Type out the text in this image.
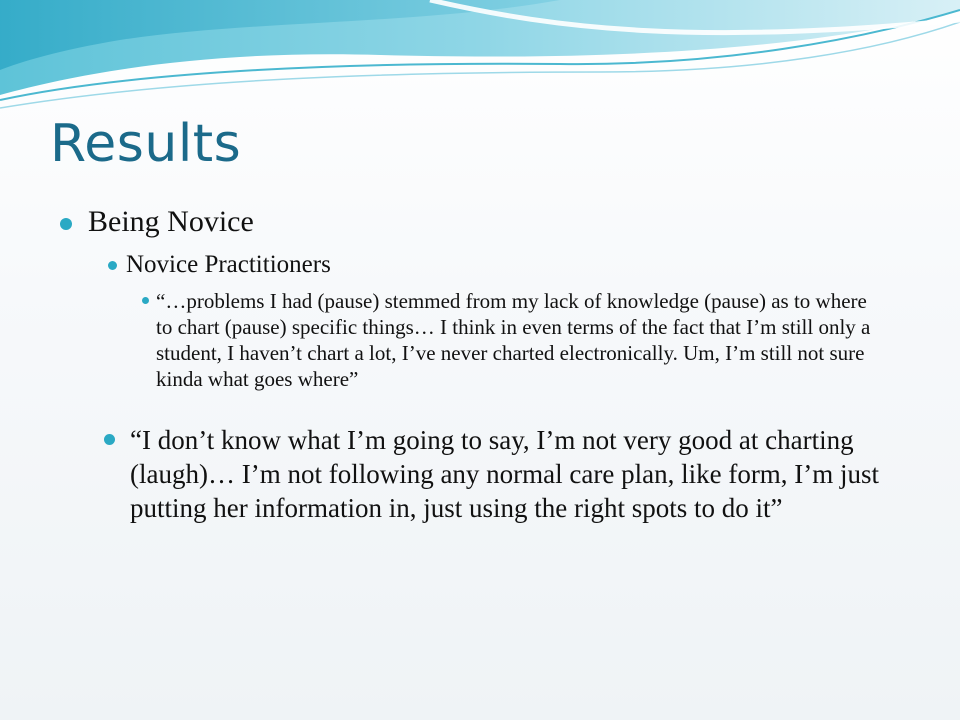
Results
Being Novice
Novice Practitioners
“…problems I had (pause) stemmed from my lack of knowledge (pause) as to where to chart (pause) specific things… I think in even terms of the fact that I’m still only a student, I haven’t chart a lot, I’ve never charted electronically. Um, I’m still not sure kinda what goes where”
“I don’t know what I’m going to say, I’m not very good at charting (laugh)… I’m not following any normal care plan, like form, I’m just putting her information in, just using the right spots to do it”
